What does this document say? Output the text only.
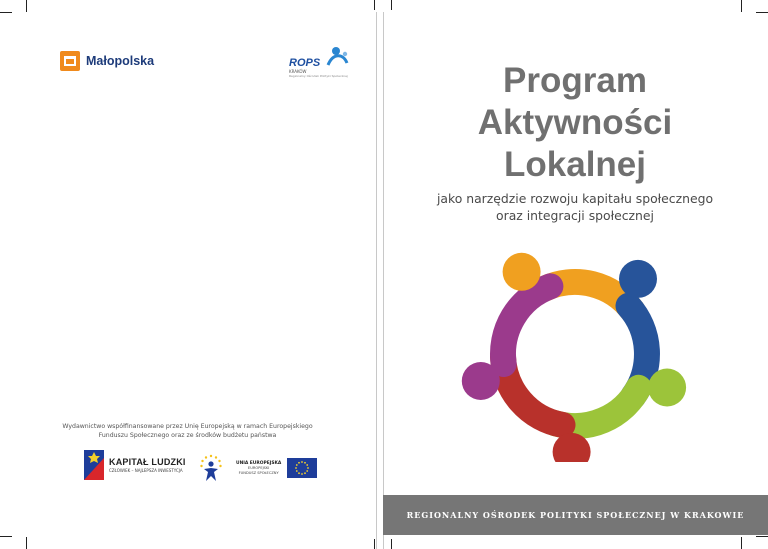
Małopolska	ROPS
KRAKÓW
Regionalny Ośrodek Polityki Społecznej
Wydawnictwo współfinansowane przez Unię Europejską w ramach Europejskiego
Funduszu Społecznego oraz ze środków budżetu państwa
KAPITAŁ LUDZKI
CZŁOWIEK – NAJLEPSZA INWESTYCJA
UNIA EUROPEJSKA
EUROPEJSKI
FUNDUSZ SPOŁECZNY
Program
Aktywności
Lokalnej
jako narzędzie rozwoju kapitału społecznego
oraz integracji społecznej
REGIONALNY OŚRODEK POLITYKI SPOŁECZNEJ W KRAKOWIE
